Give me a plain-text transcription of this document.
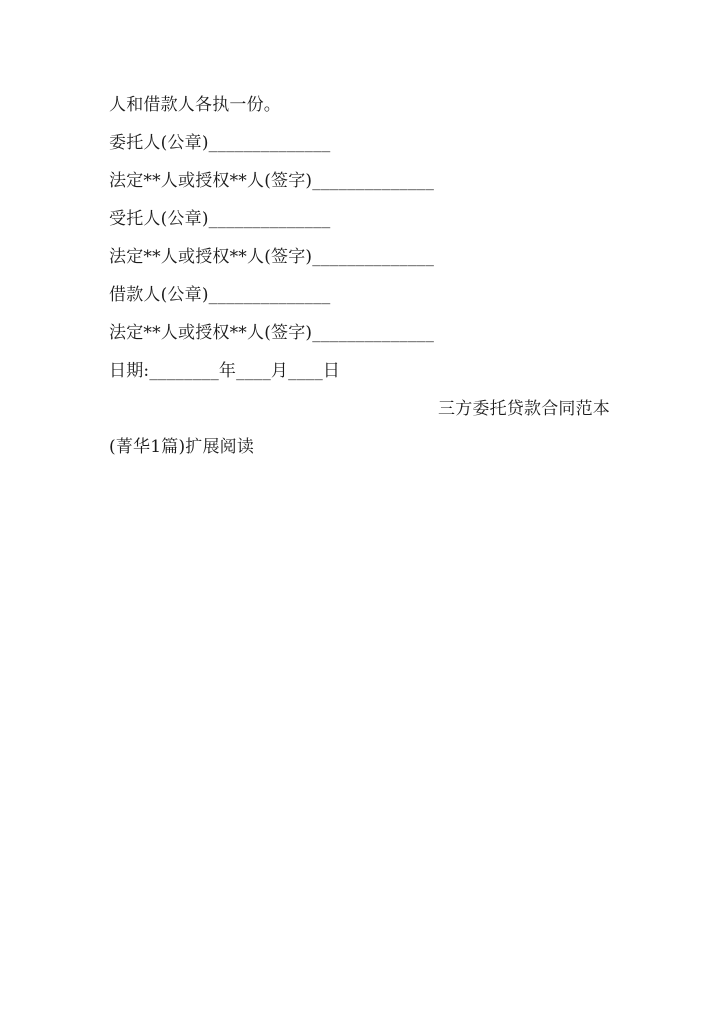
人和借款人各执一份。
委托人(公章)______________
法定**人或授权**人(签字)______________
受托人(公章)______________
法定**人或授权**人(签字)______________
借款人(公章)______________
法定**人或授权**人(签字)______________
日期:________年____月____日
三方委托贷款合同范本
(菁华1篇)扩展阅读
